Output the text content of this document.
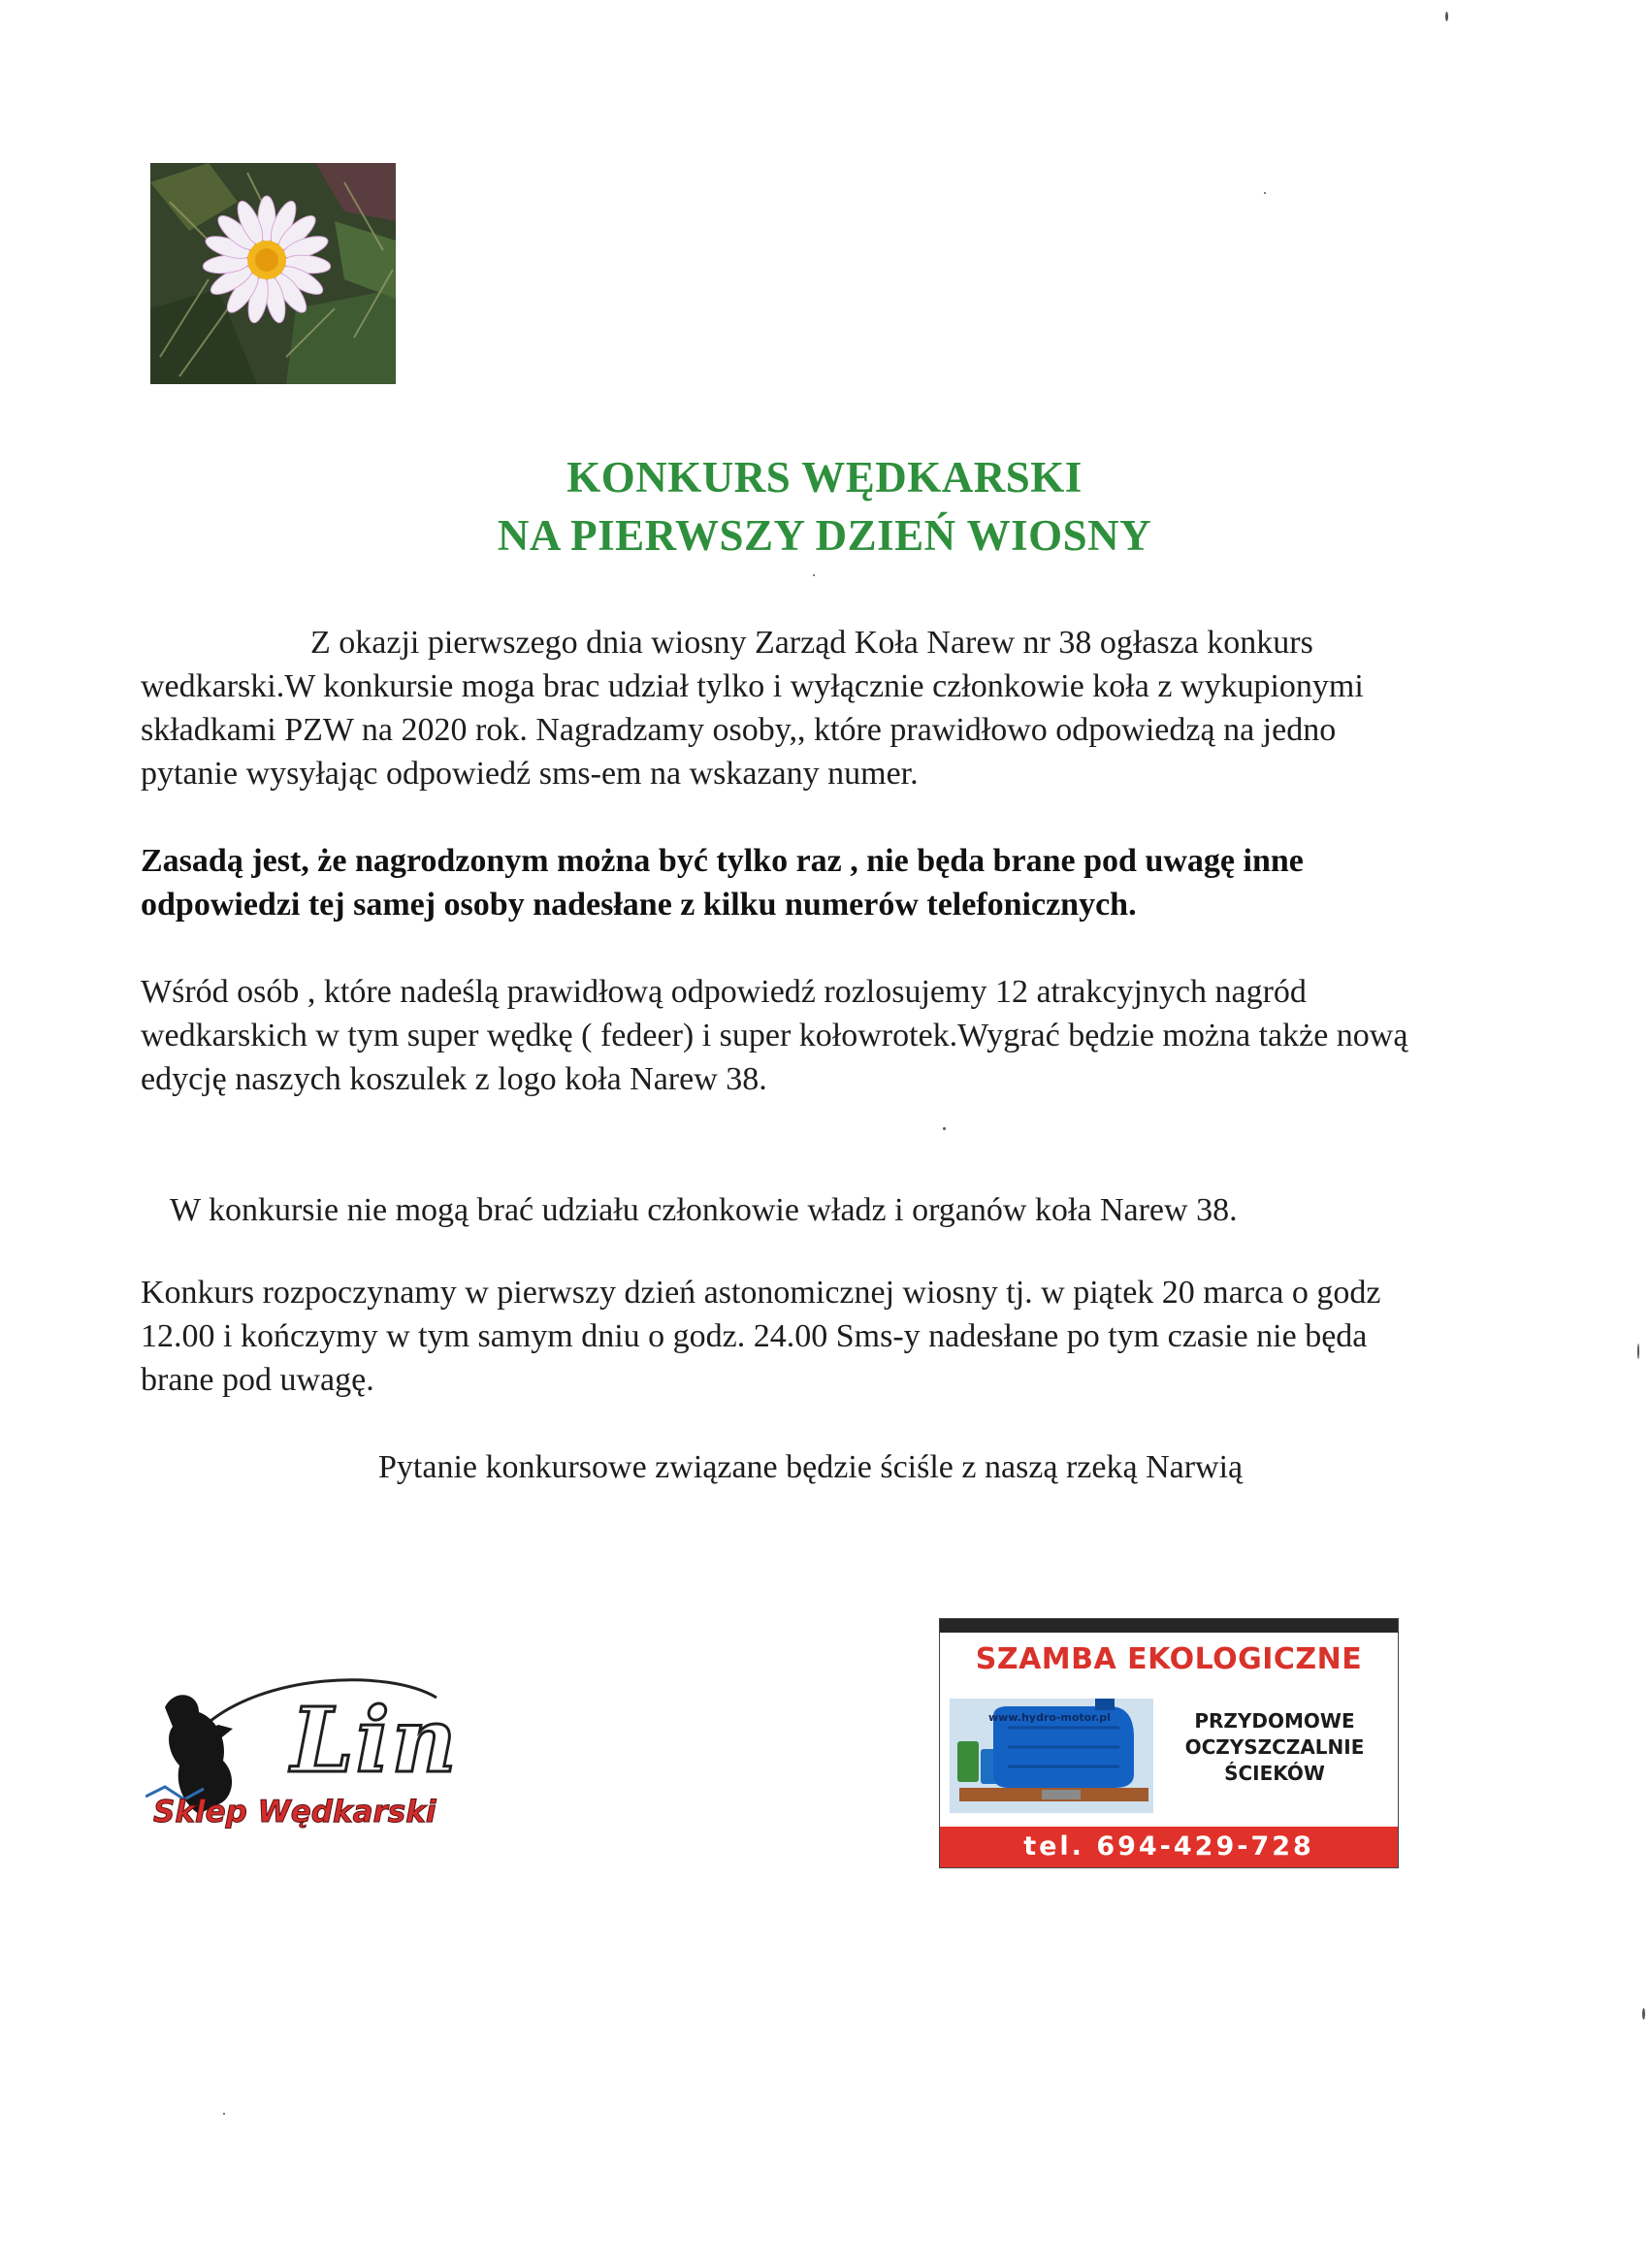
KONKURS WĘDKARSKI
NA PIERWSZY DZIEŃ WIOSNY
Z okazji pierwszego dnia wiosny Zarząd Koła Narew nr 38 ogłasza konkurs wedkarski.W konkursie moga brac udział tylko i wyłącznie członkowie koła z wykupionymi składkami PZW na 2020 rok. Nagradzamy osoby,, które prawidłowo odpowiedzą na jedno pytanie wysyłając odpowiedź sms-em na wskazany numer.
Zasadą jest, że nagrodzonym można być tylko raz , nie będa brane pod uwagę inne odpowiedzi tej samej osoby nadesłane z kilku numerów telefonicznych.
Wśród osób , które nadeślą prawidłową odpowiedź rozlosujemy 12 atrakcyjnych nagród wedkarskich w tym super wędkę ( fedeer) i super kołowrotek.Wygrać będzie można także nową edycję naszych koszulek z logo koła Narew 38.
W konkursie nie mogą brać udziału członkowie władz i organów koła Narew 38.
Konkurs rozpoczynamy w pierwszy dzień astonomicznej wiosny tj. w piątek 20 marca o godz 12.00 i kończymy w tym samym dniu o godz. 24.00 Sms-y nadesłane po tym czasie nie będa brane pod uwagę.
Pytanie konkursowe związane będzie ściśle z naszą rzeką Narwią
Lin
Sklep Wędkarski
SZAMBA EKOLOGICZNE
www.hydro-motor.pl	PRZYDOMOWE
OCZYSZCZALNIE
ŚCIEKÓW
tel. 694-429-728
